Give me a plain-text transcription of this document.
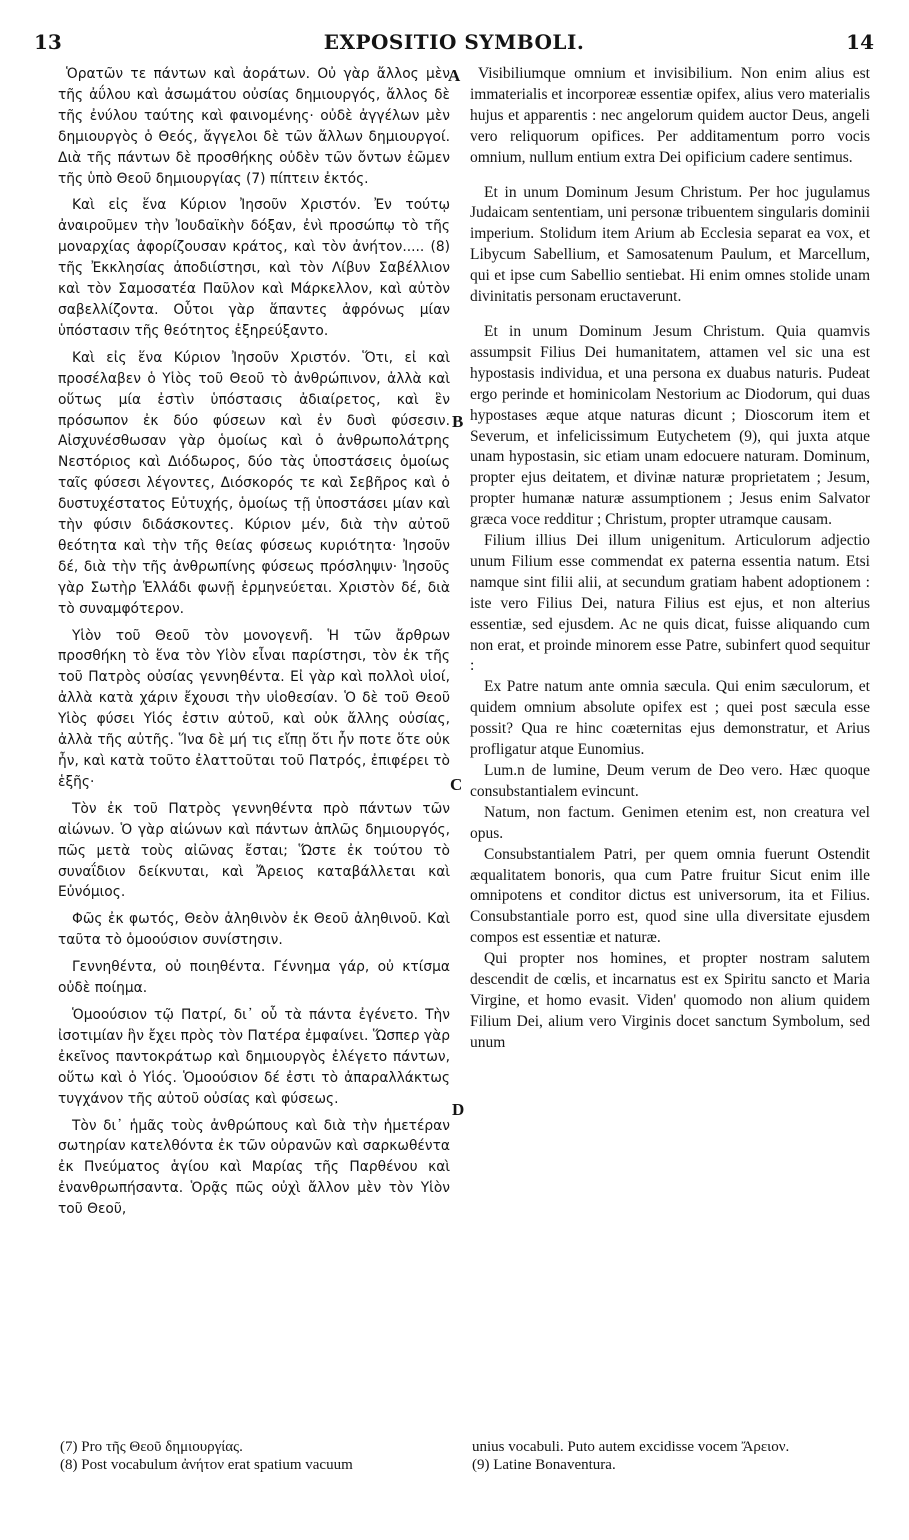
13	EXPOSITIO SYMBOLI.	14

Ὁρατῶν τε πάντων καὶ ἀοράτων. Οὐ γὰρ ἄλλος μὲν τῆς ἀΰλου καὶ ἀσωμάτου οὐσίας δημιουργός, ἄλλος δὲ τῆς ἐνύλου ταύτης καὶ φαινομένης· οὐδὲ ἀγγέλων μὲν δημιουργὸς ὁ Θεός, ἄγγελοι δὲ τῶν ἄλλων δημιουργοί. Διὰ τῆς πάντων δὲ προσθήκης οὐδὲν τῶν ὄντων ἐῶμεν τῆς ὑπὸ Θεοῦ δημιουργίας (7) πίπτειν ἐκτός.

Καὶ εἰς ἕνα Κύριον Ἰησοῦν Χριστόν. Ἐν τούτῳ ἀναιροῦμεν τὴν Ἰουδαϊκὴν δόξαν, ἐνὶ προσώπῳ τὸ τῆς μοναρχίας ἀφορίζουσαν κράτος, καὶ τὸν ἀνήτον..... (8) τῆς Ἐκκλησίας ἀποδιίστησι, καὶ τὸν Λίβυν Σαβέλλιον καὶ τὸν Σαμοσατέα Παῦλον καὶ Μάρκελλον, καὶ αὐτὸν σαβελλίζοντα. Οὗτοι γὰρ ἅπαντες ἀφρόνως μίαν ὑπόστασιν τῆς θεότητος ἐξηρεύξαντο.

Καὶ εἰς ἕνα Κύριον Ἰησοῦν Χριστόν. Ὅτι, εἰ καὶ προσέλαβεν ὁ Υἱὸς τοῦ Θεοῦ τὸ ἀνθρώπινον, ἀλλὰ καὶ οὕτως μία ἐστὶν ὑπόστασις ἀδιαίρετος, καὶ ἓν πρόσωπον ἐκ δύο φύσεων καὶ ἐν δυσὶ φύσεσιν. Αἰσχυνέσθωσαν γὰρ ὁμοίως καὶ ὁ ἀνθρωπολάτρης Νεστόριος καὶ Διόδωρος, δύο τὰς ὑποστάσεις ὁμοίως ταῖς φύσεσι λέγοντες, Διόσκορός τε καὶ Σεβῆρος καὶ ὁ δυστυχέστατος Εὐτυχής, ὁμοίως τῇ ὑποστάσει μίαν καὶ τὴν φύσιν διδάσκοντες. Κύριον μέν, διὰ τὴν αὐτοῦ θεότητα καὶ τὴν τῆς θείας φύσεως κυριότητα· Ἰησοῦν δέ, διὰ τὴν τῆς ἀνθρωπίνης φύσεως πρόσληψιν· Ἰησοῦς γὰρ Σωτὴρ Ἑλλάδι φωνῇ ἑρμηνεύεται. Χριστὸν δέ, διὰ τὸ συναμφότερον.

Υἱὸν τοῦ Θεοῦ τὸν μονογενῆ. Ἡ τῶν ἄρθρων προσθήκη τὸ ἕνα τὸν Υἱὸν εἶναι παρίστησι, τὸν ἐκ τῆς τοῦ Πατρὸς οὐσίας γεννηθέντα. Εἰ γὰρ καὶ πολλοὶ υἱοί, ἀλλὰ κατὰ χάριν ἔχουσι τὴν υἱοθεσίαν. Ὁ δὲ τοῦ Θεοῦ Υἱὸς φύσει Υἱός ἐστιν αὐτοῦ, καὶ οὐκ ἄλλης οὐσίας, ἀλλὰ τῆς αὐτῆς. Ἵνα δὲ μή τις εἴπῃ ὅτι ἦν ποτε ὅτε οὐκ ἦν, καὶ κατὰ τοῦτο ἐλαττοῦται τοῦ Πατρός, ἐπιφέρει τὸ ἑξῆς·

Τὸν ἐκ τοῦ Πατρὸς γεννηθέντα πρὸ πάντων τῶν αἰώνων. Ὁ γὰρ αἰώνων καὶ πάντων ἁπλῶς δημιουργός, πῶς μετὰ τοὺς αἰῶνας ἔσται; Ὥστε ἐκ τούτου τὸ συναΐδιον δείκνυται, καὶ Ἄρειος καταβάλλεται καὶ Εὐνόμιος.

Φῶς ἐκ φωτός, Θεὸν ἀληθινὸν ἐκ Θεοῦ ἀληθινοῦ. Καὶ ταῦτα τὸ ὁμοούσιον συνίστησιν.

Γεννηθέντα, οὐ ποιηθέντα. Γέννημα γάρ, οὐ κτίσμα οὐδὲ ποίημα.

Ὁμοούσιον τῷ Πατρί, δι᾽ οὗ τὰ πάντα ἐγένετο. Τὴν ἰσοτιμίαν ἣν ἔχει πρὸς τὸν Πατέρα ἐμφαίνει. Ὥσπερ γὰρ ἐκεῖνος παντοκράτωρ καὶ δημιουργὸς ἐλέγετο πάντων, οὕτω καὶ ὁ Υἱός. Ὁμοούσιον δέ ἐστι τὸ ἀπαραλλάκτως τυγχάνον τῆς αὐτοῦ οὐσίας καὶ φύσεως.

Τὸν δι᾽ ἡμᾶς τοὺς ἀνθρώπους καὶ διὰ τὴν ἡμετέραν σωτηρίαν κατελθόντα ἐκ τῶν οὐρανῶν καὶ σαρκωθέντα ἐκ Πνεύματος ἁγίου καὶ Μαρίας τῆς Παρθένου καὶ ἐνανθρωπήσαντα. Ὁρᾷς πῶς οὐχὶ ἄλλον μὲν τὸν Υἱὸν τοῦ Θεοῦ,

Visibiliumque omnium et invisibilium. Non enim alius est immaterialis et incorporeæ essentiæ opifex, alius vero materialis hujus et apparentis : nec angelorum quidem auctor Deus, angeli vero reliquorum opifices. Per additamentum porro vocis omnium, nullum entium extra Dei opificium cadere sentimus.

Et in unum Dominum Jesum Christum. Per hoc jugulamus Judaicam sententiam, uni personæ tribuentem singularis dominii imperium. Stolidum item Arium ab Ecclesia separat ea vox, et Libycum Sabellium, et Samosatenum Paulum, et Marcellum, qui et ipse cum Sabellio sentiebat. Hi enim omnes stolide unam divinitatis personam eructaverunt.

Et in unum Dominum Jesum Christum. Quia quamvis assumpsit Filius Dei humanitatem, attamen vel sic una est hypostasis individua, et una persona ex duabus naturis. Pudeat ergo perinde et hominicolam Nestorium ac Diodorum, qui duas hypostases æque atque naturas dicunt ; Dioscorum item et Severum, et infelicissimum Eutychetem (9), qui juxta atque unam hypostasin, sic etiam unam edocuere naturam. Dominum, propter ejus deitatem, et divinæ naturæ proprietatem ; Jesum, propter humanæ naturæ assumptionem ; Jesus enim Salvator græca voce redditur ; Christum, propter utramque causam.

Filium illius Dei illum unigenitum. Articulorum adjectio unum Filium esse commendat ex paterna essentia natum. Etsi namque sint filii alii, at secundum gratiam habent adoptionem : iste vero Filius Dei, natura Filius est ejus, et non alterius essentiæ, sed ejusdem. Ac ne quis dicat, fuisse aliquando cum non erat, et proinde minorem esse Patre, subinfert quod sequitur :

Ex Patre natum ante omnia sæcula. Qui enim sæculorum, et quidem omnium absolute opifex est ; quei post sæcula esse possit? Qua re hinc coæternitas ejus demonstratur, et Arius profligatur atque Eunomius.

Lum.n de lumine, Deum verum de Deo vero. Hæc quoque consubstantialem evincunt.

Natum, non factum. Genimen etenim est, non creatura vel opus.

Consubstantialem Patri, per quem omnia fuerunt Ostendit æqualitatem bonoris, qua cum Patre fruitur Sicut enim ille omnipotens et conditor dictus est universorum, ita et Filius. Consubstantiale porro est, quod sine ulla diversitate ejusdem compos est essentiæ et naturæ.

Qui propter nos homines, et propter nostram salutem descendit de cœlis, et incarnatus est ex Spiritu sancto et Maria Virgine, et homo evasit. Viden' quomodo non alium quidem Filium Dei, alium vero Virginis docet sanctum Symbolum, sed unum

A
B
C
D
(7) Pro τῆς Θεοῦ δημιουργίας.
(8) Post vocabulum ἀνήτον erat spatium vacuum
unius vocabuli. Puto autem excidisse vocem Ἄρειον.
(9) Latine Bonaventura.
